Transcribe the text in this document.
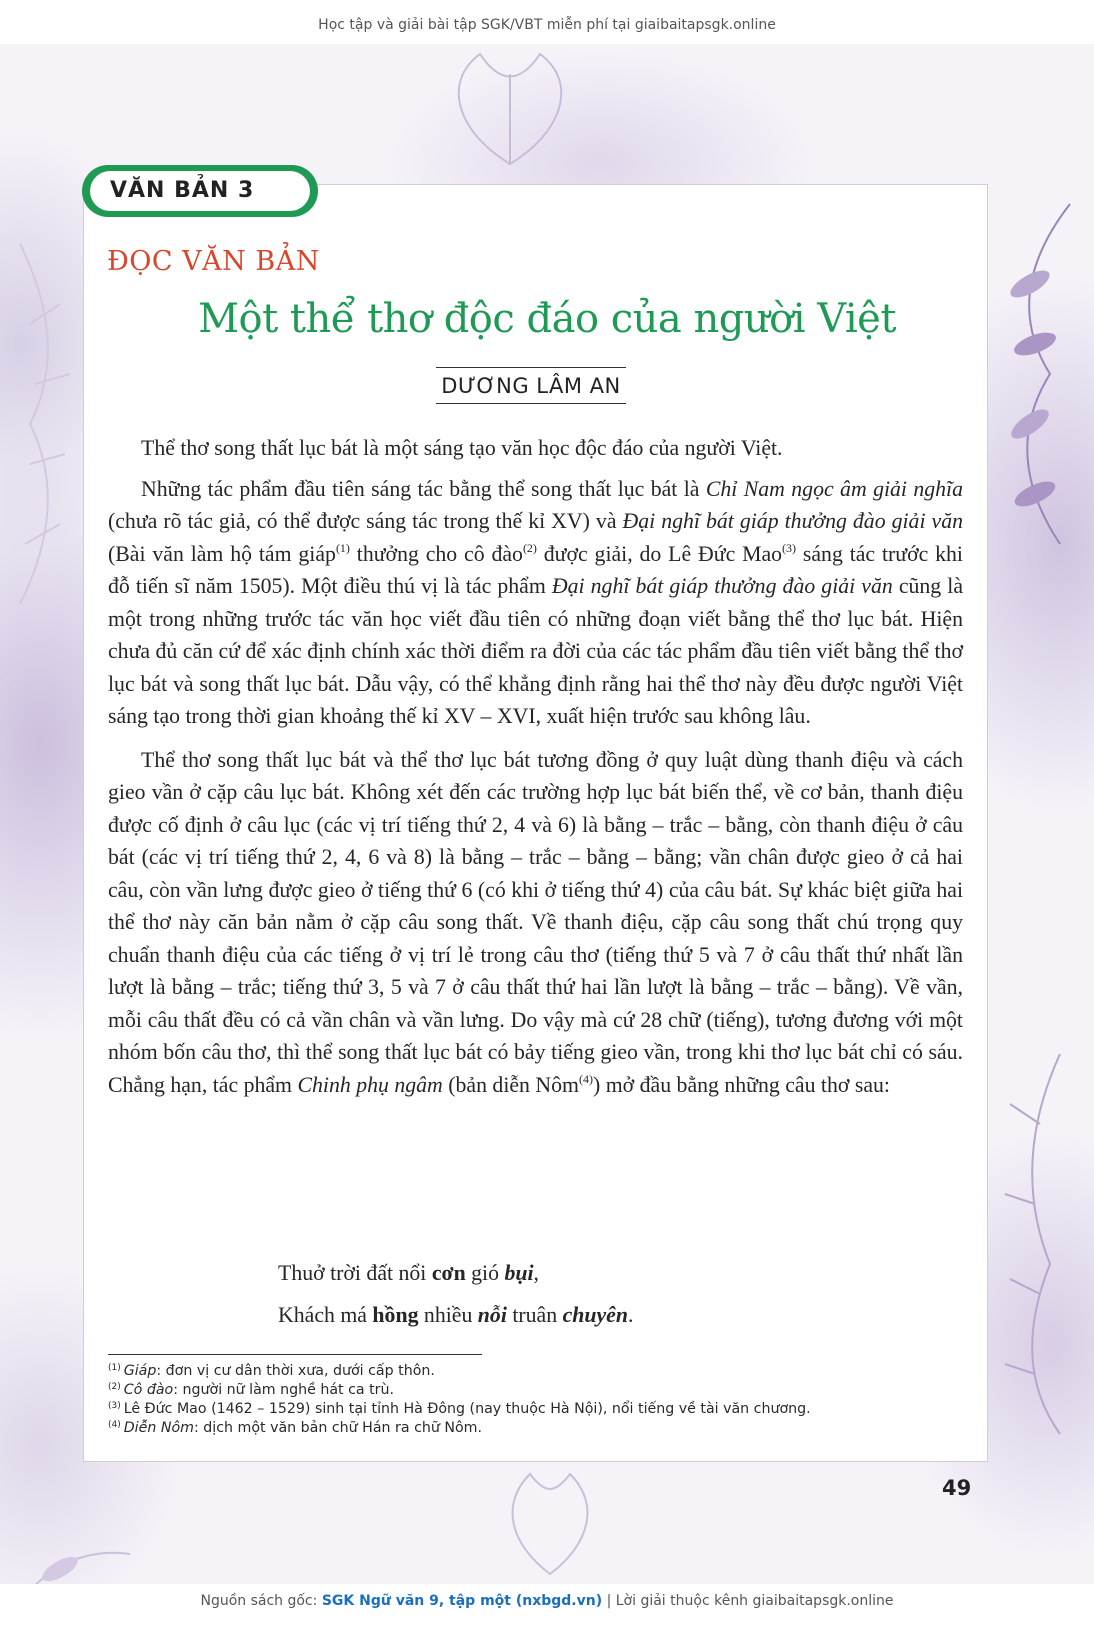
Học tập và giải bài tập SGK/VBT miễn phí tại giaibaitapsgk.online
VĂN BẢN 3
ĐỌC VĂN BẢN
Một thể thơ độc đáo của người Việt
DƯƠNG LÂM AN

Thể thơ song thất lục bát là một sáng tạo văn học độc đáo của người Việt.

Những tác phẩm đầu tiên sáng tác bằng thể song thất lục bát là Chỉ Nam ngọc âm giải nghĩa (chưa rõ tác giả, có thể được sáng tác trong thế kỉ XV) và Đại nghĩ bát giáp thưởng đào giải văn (Bài văn làm hộ tám giáp$^{(1)}$ thưởng cho cô đào$^{(2)}$ được giải, do Lê Đức Mao$^{(3)}$ sáng tác trước khi đỗ tiến sĩ năm 1505). Một điều thú vị là tác phẩm Đại nghĩ bát giáp thưởng đào giải văn cũng là một trong những trước tác văn học viết đầu tiên có những đoạn viết bằng thể thơ lục bát. Hiện chưa đủ căn cứ để xác định chính xác thời điểm ra đời của các tác phẩm đầu tiên viết bằng thể thơ lục bát và song thất lục bát. Dẫu vậy, có thể khẳng định rằng hai thể thơ này đều được người Việt sáng tạo trong thời gian khoảng thế kỉ XV – XVI, xuất hiện trước sau không lâu.

Thể thơ song thất lục bát và thể thơ lục bát tương đồng ở quy luật dùng thanh điệu và cách gieo vần ở cặp câu lục bát. Không xét đến các trường hợp lục bát biến thể, về cơ bản, thanh điệu được cố định ở câu lục (các vị trí tiếng thứ 2, 4 và 6) là bằng – trắc – bằng, còn thanh điệu ở câu bát (các vị trí tiếng thứ 2, 4, 6 và 8) là bằng – trắc – bằng – bằng; vần chân được gieo ở cả hai câu, còn vần lưng được gieo ở tiếng thứ 6 (có khi ở tiếng thứ 4) của câu bát. Sự khác biệt giữa hai thể thơ này căn bản nằm ở cặp câu song thất. Về thanh điệu, cặp câu song thất chú trọng quy chuẩn thanh điệu của các tiếng ở vị trí lẻ trong câu thơ (tiếng thứ 5 và 7 ở câu thất thứ nhất lần lượt là bằng – trắc; tiếng thứ 3, 5 và 7 ở câu thất thứ hai lần lượt là bằng – trắc – bằng). Về vần, mỗi câu thất đều có cả vần chân và vần lưng. Do vậy mà cứ 28 chữ (tiếng), tương đương với một nhóm bốn câu thơ, thì thể song thất lục bát có bảy tiếng gieo vần, trong khi thơ lục bát chỉ có sáu. Chẳng hạn, tác phẩm Chinh phụ ngâm (bản diễn Nôm$^{(4)}$) mở đầu bằng những câu thơ sau:

Thuở trời đất nổi cơn gió bụi,
Khách má hồng nhiều nỗi truân chuyên.
$^{(1)}$ Giáp: đơn vị cư dân thời xưa, dưới cấp thôn.
$^{(2)}$ Cô đào: người nữ làm nghề hát ca trù.
$^{(3)}$ Lê Đức Mao (1462 – 1529) sinh tại tỉnh Hà Đông (nay thuộc Hà Nội), nổi tiếng về tài văn chương.
$^{(4)}$ Diễn Nôm: dịch một văn bản chữ Hán ra chữ Nôm.
49
Nguồn sách gốc: SGK Ngữ văn 9, tập một (nxbgd.vn) | Lời giải thuộc kênh giaibaitapsgk.online
